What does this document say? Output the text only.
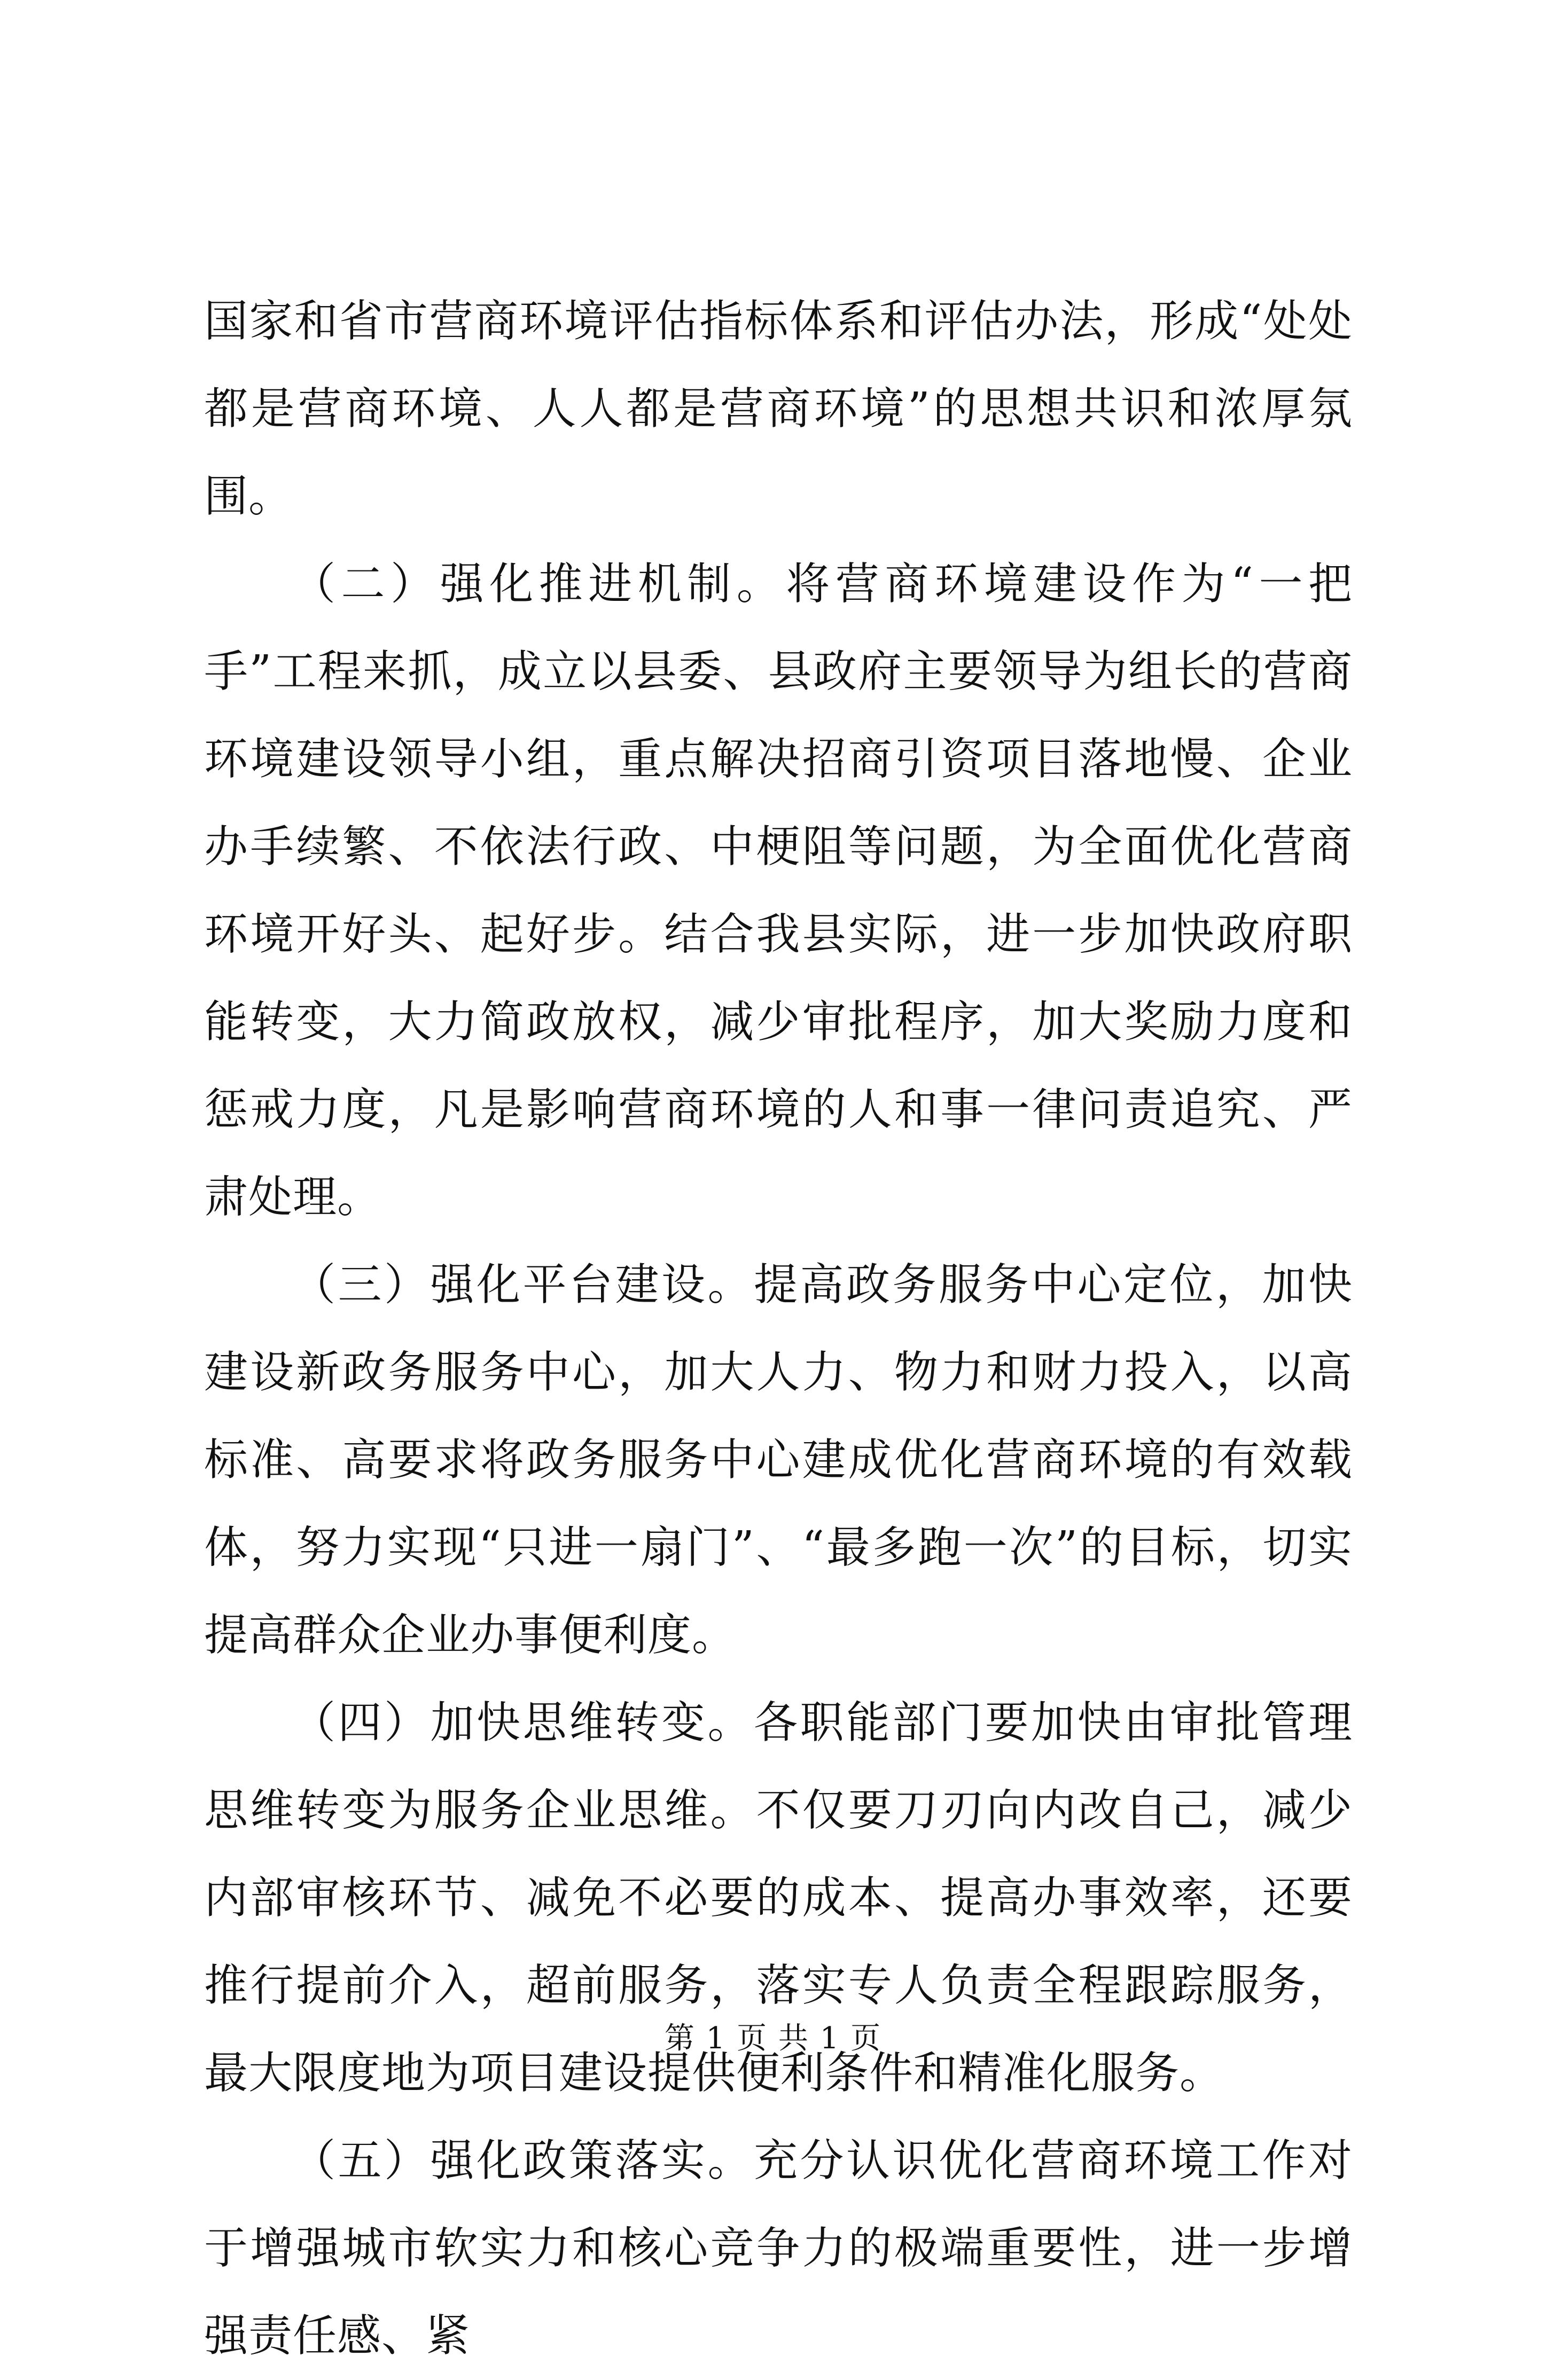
国家和省市营商环境评估指标体系和评估办法，形成“处处都是营商环境、人人都是营商环境”的思想共识和浓厚氛围。

（二）强化推进机制。将营商环境建设作为“一把手”工程来抓，成立以县委、县政府主要领导为组长的营商环境建设领导小组，重点解决招商引资项目落地慢、企业办手续繁、不依法行政、中梗阻等问题，为全面优化营商环境开好头、起好步。结合我县实际，进一步加快政府职能转变，大力简政放权，减少审批程序，加大奖励力度和惩戒力度，凡是影响营商环境的人和事一律问责追究、严肃处理。

（三）强化平台建设。提高政务服务中心定位，加快建设新政务服务中心，加大人力、物力和财力投入，以高标准、高要求将政务服务中心建成优化营商环境的有效载体，努力实现“只进一扇门”、“最多跑一次”的目标，切实提高群众企业办事便利度。

（四）加快思维转变。各职能部门要加快由审批管理思维转变为服务企业思维。不仅要刀刃向内改自己，减少内部审核环节、减免不必要的成本、提高办事效率，还要推行提前介入，超前服务，落实专人负责全程跟踪服务，最大限度地为项目建设提供便利条件和精准化服务。

（五）强化政策落实。充分认识优化营商环境工作对于增强城市软实力和核心竞争力的极端重要性，进一步增强责任感、紧

第 1 页 共 1 页
